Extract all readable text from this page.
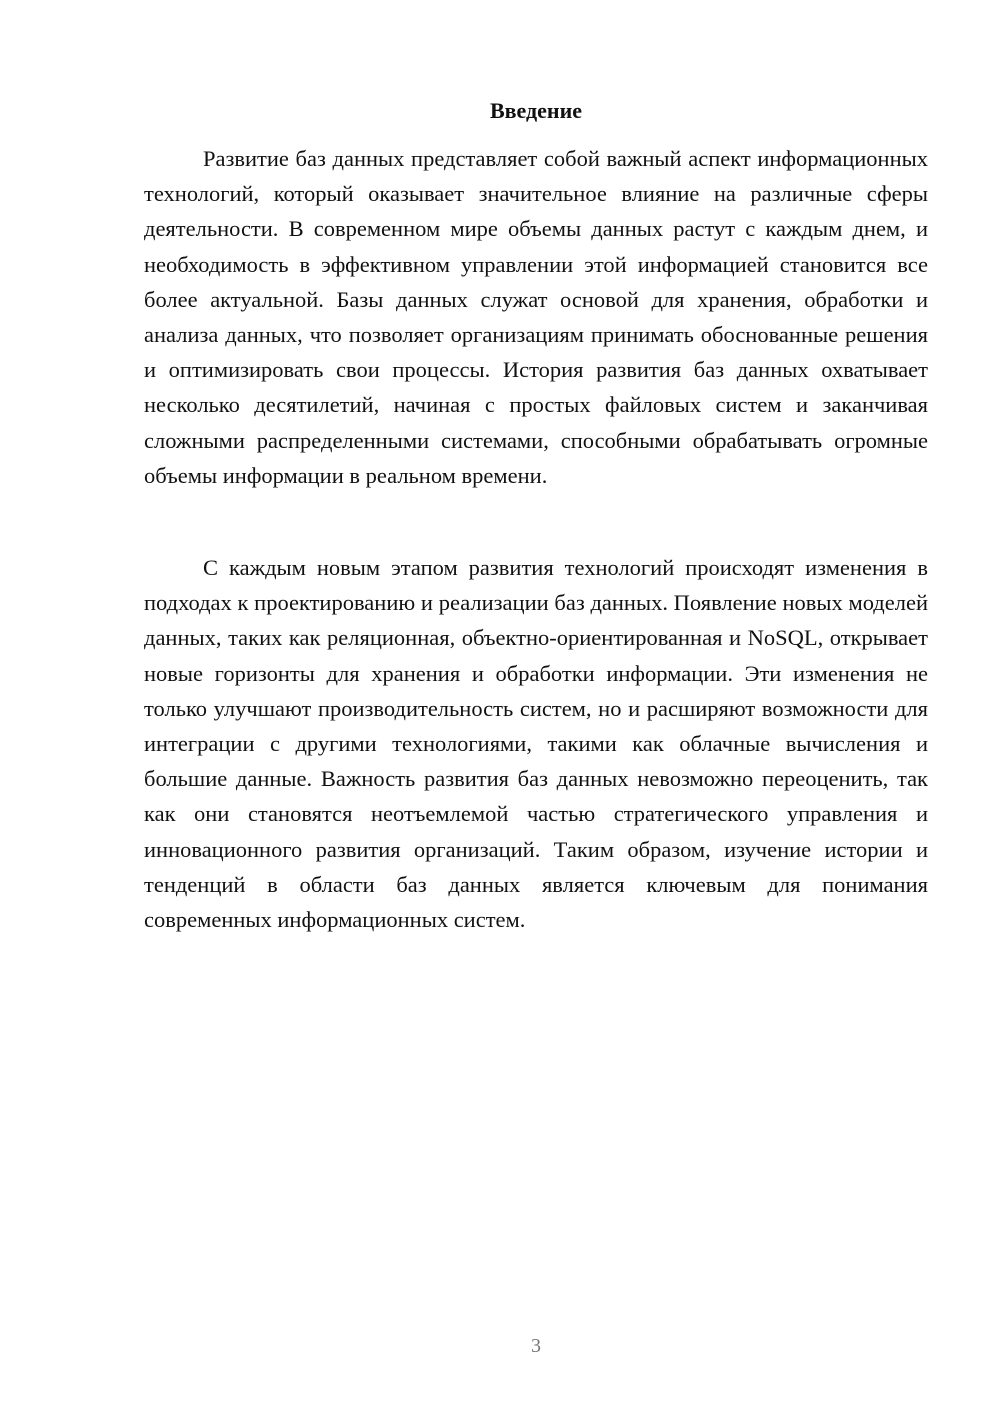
Введение

Развитие баз данных представляет собой важный аспект информационных технологий, который оказывает значительное влияние на различные сферы деятельности. В современном мире объемы данных растут с каждым днем, и необходимость в эффективном управлении этой информацией становится все более актуальной. Базы данных служат основой для хранения, обработки и анализа данных, что позволяет организациям принимать обоснованные решения и оптимизировать свои процессы. История развития баз данных охватывает несколько десятилетий, начиная с простых файловых систем и заканчивая сложными распределенными системами, способными обрабатывать огромные объемы информации в реальном времени.

С каждым новым этапом развития технологий происходят изменения в подходах к проектированию и реализации баз данных. Появление новых моделей данных, таких как реляционная, объектно-ориентированная и NoSQL, открывает новые горизонты для хранения и обработки информации. Эти изменения не только улучшают производительность систем, но и расширяют возможности для интеграции с другими технологиями, такими как облачные вычисления и большие данные. Важность развития баз данных невозможно переоценить, так как они становятся неотъемлемой частью стратегического управления и инновационного развития организаций. Таким образом, изучение истории и тенденций в области баз данных является ключевым для понимания современных информационных систем.

3
